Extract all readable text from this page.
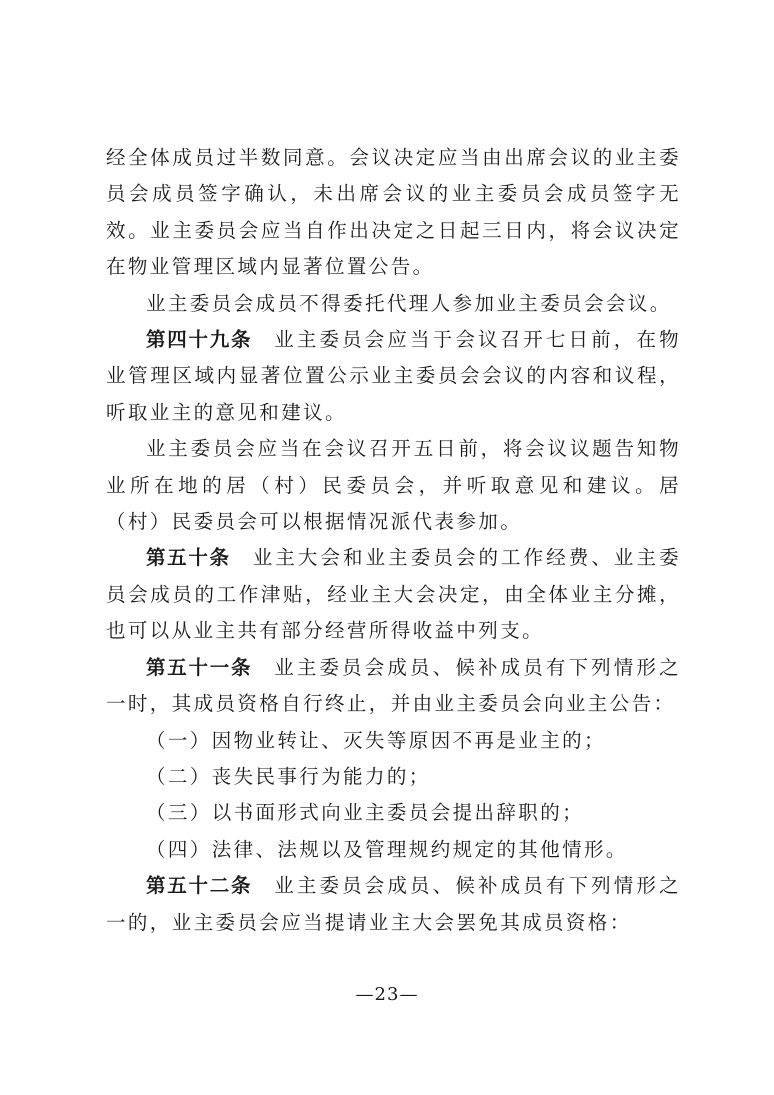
经全体成员过半数同意。会议决定应当由出席会议的业主委员会成员签字确认，未出席会议的业主委员会成员签字无效。业主委员会应当自作出决定之日起三日内，将会议决定在物业管理区域内显著位置公告。

业主委员会成员不得委托代理人参加业主委员会会议。

第四十九条 业主委员会应当于会议召开七日前，在物业管理区域内显著位置公示业主委员会会议的内容和议程，听取业主的意见和建议。

业主委员会应当在会议召开五日前，将会议议题告知物业所在地的居（村）民委员会，并听取意见和建议。居（村）民委员会可以根据情况派代表参加。

第五十条 业主大会和业主委员会的工作经费、业主委员会成员的工作津贴，经业主大会决定，由全体业主分摊，也可以从业主共有部分经营所得收益中列支。

第五十一条 业主委员会成员、候补成员有下列情形之一时，其成员资格自行终止，并由业主委员会向业主公告：

（一）因物业转让、灭失等原因不再是业主的；

（二）丧失民事行为能力的；

（三）以书面形式向业主委员会提出辞职的；

（四）法律、法规以及管理规约规定的其他情形。

第五十二条 业主委员会成员、候补成员有下列情形之一的，业主委员会应当提请业主大会罢免其成员资格：

—23—
